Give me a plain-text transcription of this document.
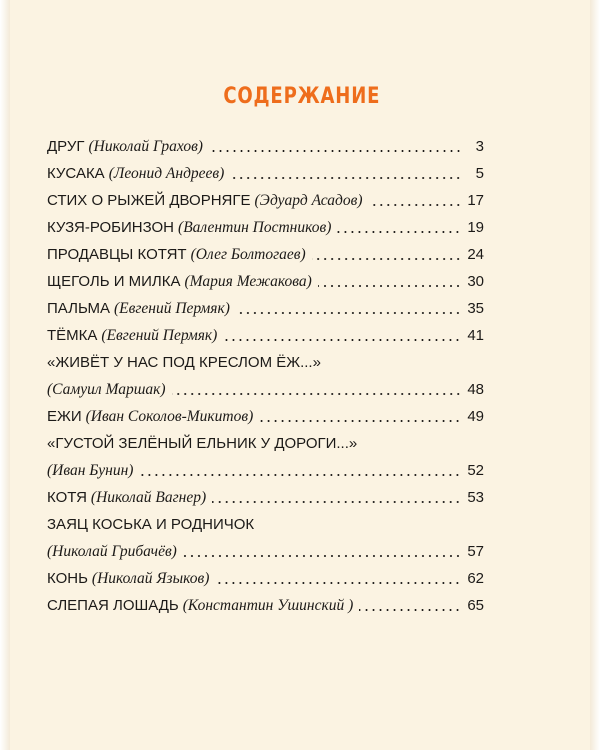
СОДЕРЖАНИЕ
ДРУГ (Николай Грахов)	3
КУСАКА (Леонид Андреев)	5
СТИХ О РЫЖЕЙ ДВОРНЯГЕ (Эдуард Асадов)	17
КУЗЯ-РОБИНЗОН (Валентин Постников)	19
ПРОДАВЦЫ КОТЯТ (Олег Болтогаев)	24
ЩЕГОЛЬ И МИЛКА (Мария Межакова)	30
ПАЛЬМА (Евгений Пермяк)	35
ТЁМКА (Евгений Пермяк)	41
«ЖИВЁТ У НАС ПОД КРЕСЛОМ ЁЖ...»
(Самуил Маршак)	48
ЕЖИ (Иван Соколов-Микитов)	49
«ГУСТОЙ ЗЕЛЁНЫЙ ЕЛЬНИК У ДОРОГИ...»
(Иван Бунин)	52
КОТЯ (Николай Вагнер)	53
ЗАЯЦ КОСЬКА И РОДНИЧОК
(Николай Грибачёв)	57
КОНЬ (Николай Языков)	62
СЛЕПАЯ ЛОШАДЬ (Константин Ушинский )	65
